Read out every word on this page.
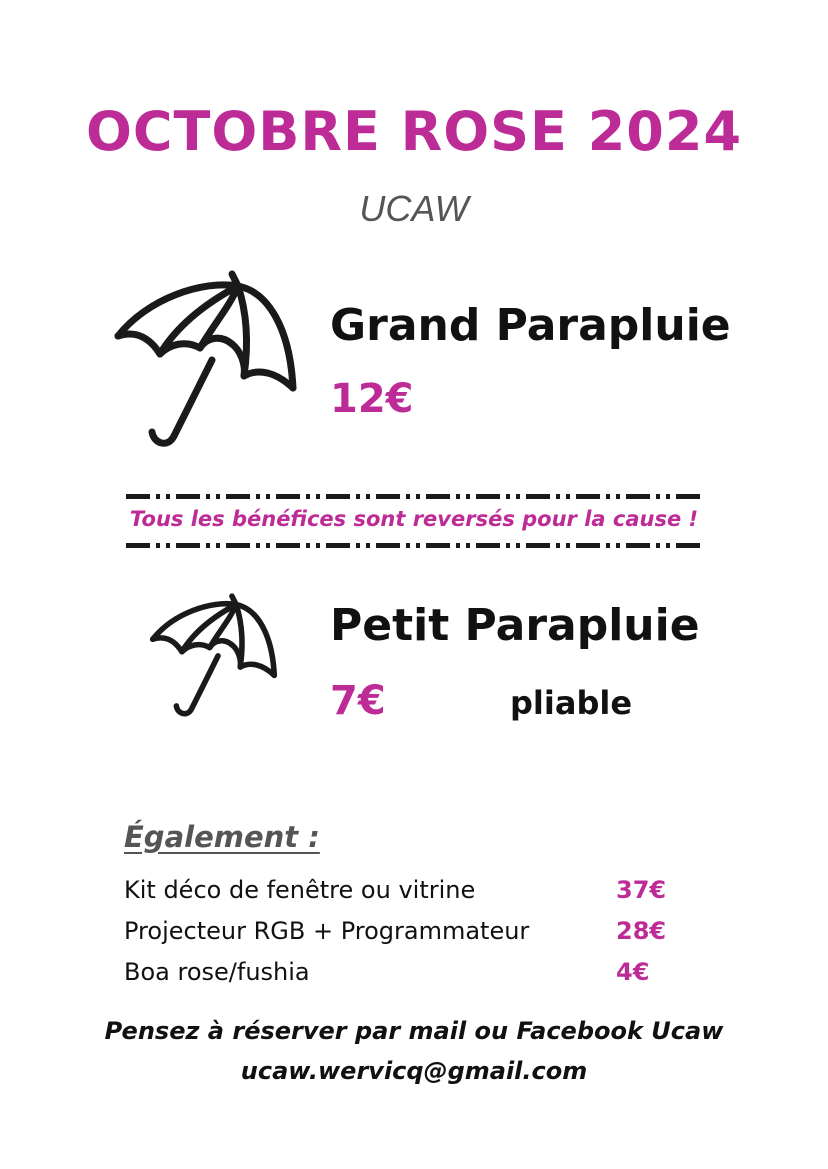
OCTOBRE ROSE 2024
UCAW
Grand Parapluie
12€
Tous les bénéfices sont reversés pour la cause !
Petit Parapluie
7€	pliable
Également :
Kit déco de fenêtre ou vitrine	37€
Projecteur RGB + Programmateur	28€
Boa rose/fushia	4€
Pensez à réserver par mail ou Facebook Ucaw
ucaw.wervicq@gmail.com
